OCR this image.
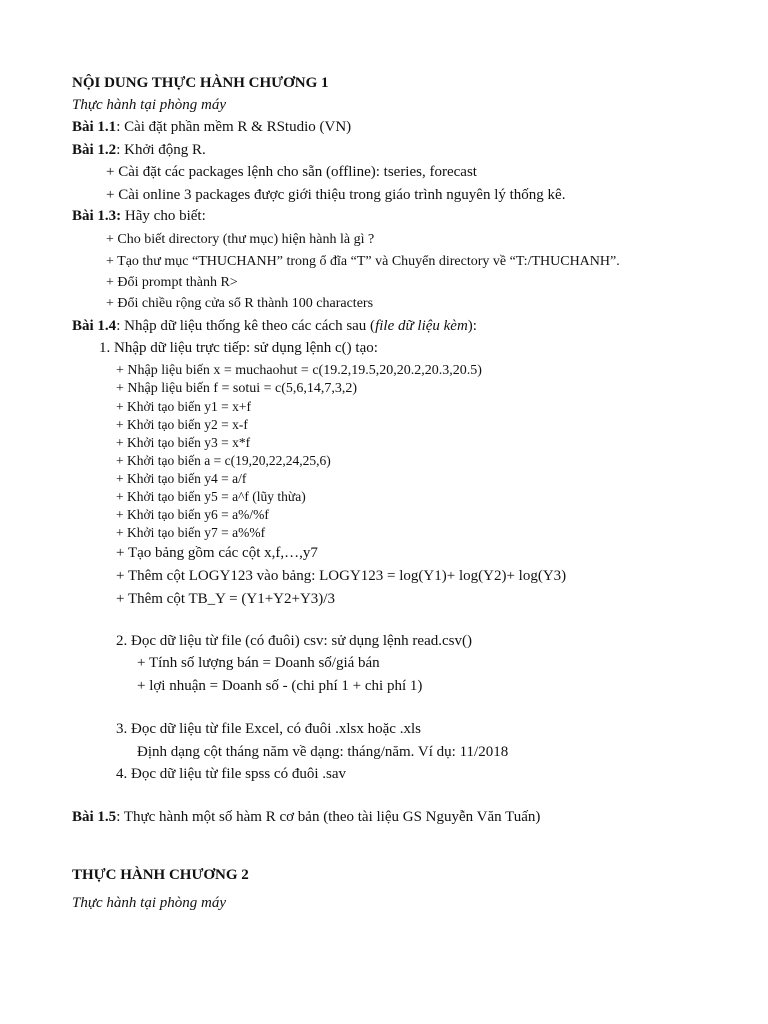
NỘI DUNG THỰC HÀNH CHƯƠNG 1
Thực hành tại phòng máy
Bài 1.1: Cài đặt phần mềm R & RStudio (VN)
Bài 1.2: Khởi động R.
+ Cài đặt các packages lệnh cho sẵn (offline): tseries, forecast
+ Cài online 3 packages được giới thiệu trong giáo trình nguyên lý thống kê.
Bài 1.3: Hãy cho biết:
+ Cho biết directory (thư mục) hiện hành là gì ?
+ Tạo thư mục “THUCHANH” trong ổ đĩa “T” và Chuyển directory về “T:/THUCHANH”.
+ Đổi prompt thành R>
+ Đổi chiều rộng cửa sổ R thành 100 characters
Bài 1.4: Nhập dữ liệu thống kê theo các cách sau (file dữ liệu kèm):
1. Nhập dữ liệu trực tiếp: sử dụng lệnh c() tạo:
+ Nhập liệu biến x = muchaohut = c(19.2,19.5,20,20.2,20.3,20.5)
+ Nhập liệu biến f = sotui = c(5,6,14,7,3,2)
+ Khởi tạo biến y1 = x+f
+ Khởi tạo biến y2 = x-f
+ Khởi tạo biến y3 = x*f
+ Khởi tạo biến a = c(19,20,22,24,25,6)
+ Khởi tạo biến y4 = a/f
+ Khởi tạo biến y5 = a^f (lũy thừa)
+ Khởi tạo biến y6 = a%/%f
+ Khởi tạo biến y7 = a%%f
+ Tạo bảng gồm các cột x,f,…,y7
+ Thêm cột LOGY123 vào bảng: LOGY123 = log(Y1)+ log(Y2)+ log(Y3)
+ Thêm cột TB_Y = (Y1+Y2+Y3)/3
2. Đọc dữ liệu từ file (có đuôi) csv: sử dụng lệnh read.csv()
+ Tính số lượng bán = Doanh số/giá bán
+ lợi nhuận = Doanh số - (chi phí 1 + chi phí 1)
3. Đọc dữ liệu từ file Excel, có đuôi .xlsx hoặc .xls
Định dạng cột tháng năm về dạng: tháng/năm. Ví dụ: 11/2018
4. Đọc dữ liệu từ file spss có đuôi .sav
Bài 1.5: Thực hành một số hàm R cơ bản (theo tài liệu GS Nguyễn Văn Tuấn)
THỰC HÀNH CHƯƠNG 2
Thực hành tại phòng máy
